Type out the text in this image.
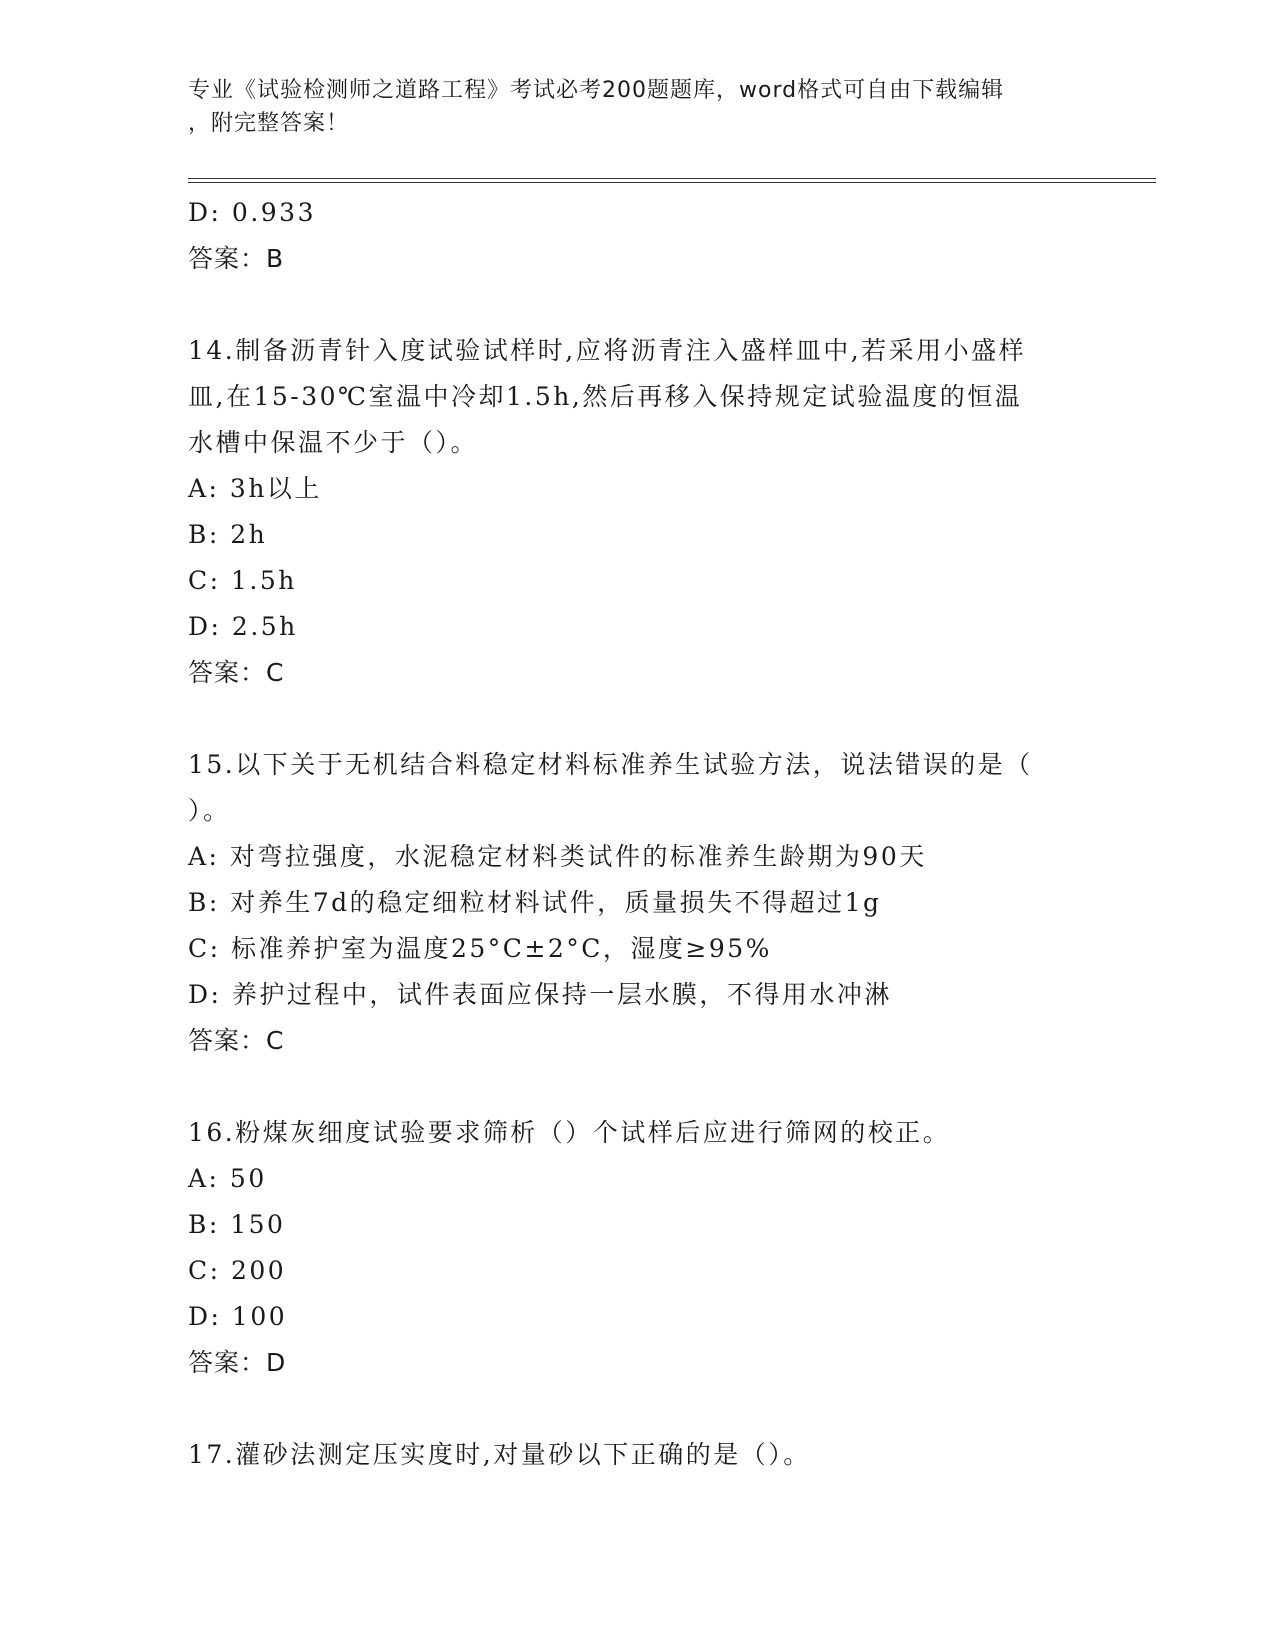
专业《试验检测师之道路工程》考试必考200题题库，word格式可自由下载编辑
，附完整答案！
D: 0.933
答案：B
14.制备沥青针入度试验试样时,应将沥青注入盛样皿中,若采用小盛样
皿,在15-30℃室温中冷却1.5h,然后再移入保持规定试验温度的恒温
水槽中保温不少于（）。
A: 3h以上
B: 2h
C: 1.5h
D: 2.5h
答案：C
15.以下关于无机结合料稳定材料标准养生试验方法，说法错误的是（
）。
A: 对弯拉强度，水泥稳定材料类试件的标准养生龄期为90天
B: 对养生7d的稳定细粒材料试件，质量损失不得超过1g
C: 标准养护室为温度25°C±2°C，湿度≥95%
D: 养护过程中，试件表面应保持一层水膜，不得用水冲淋
答案：C
16.粉煤灰细度试验要求筛析（）个试样后应进行筛网的校正。
A: 50
B: 150
C: 200
D: 100
答案：D
17.灌砂法测定压实度时,对量砂以下正确的是（）。
